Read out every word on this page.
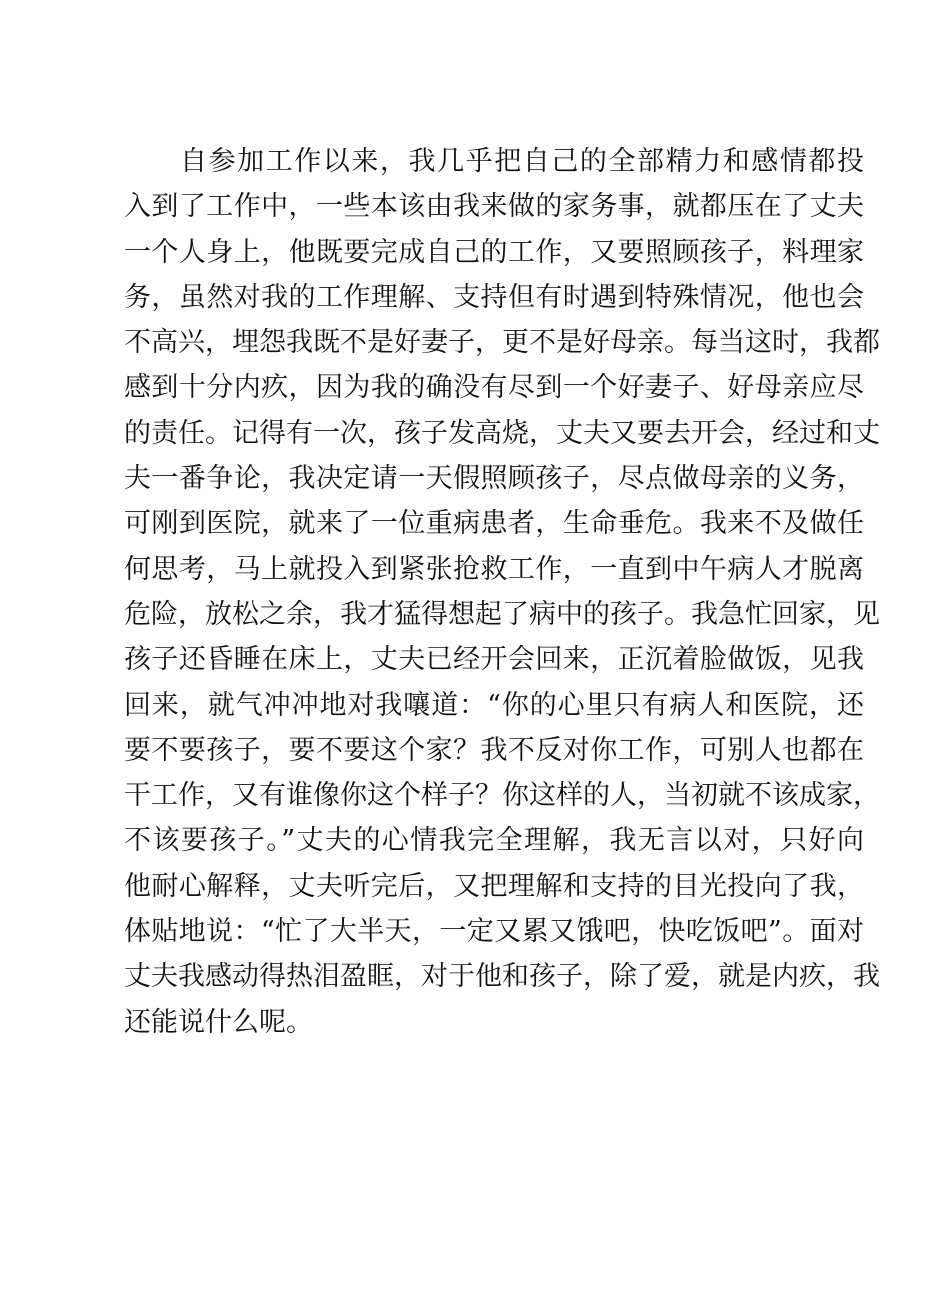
自参加工作以来，我几乎把自己的全部精力和感情都投
入到了工作中，一些本该由我来做的家务事，就都压在了丈夫
一个人身上，他既要完成自己的工作，又要照顾孩子，料理家
务，虽然对我的工作理解、支持但有时遇到特殊情况，他也会
不高兴，埋怨我既不是好妻子，更不是好母亲。每当这时，我都
感到十分内疚，因为我的确没有尽到一个好妻子、好母亲应尽
的责任。记得有一次，孩子发高烧，丈夫又要去开会，经过和丈
夫一番争论，我决定请一天假照顾孩子，尽点做母亲的义务，
可刚到医院，就来了一位重病患者，生命垂危。我来不及做任
何思考，马上就投入到紧张抢救工作，一直到中午病人才脱离
危险，放松之余，我才猛得想起了病中的孩子。我急忙回家，见
孩子还昏睡在床上，丈夫已经开会回来，正沉着脸做饭，见我
回来，就气冲冲地对我嚷道：“你的心里只有病人和医院，还
要不要孩子，要不要这个家？我不反对你工作，可别人也都在
干工作，又有谁像你这个样子？你这样的人，当初就不该成家，
不该要孩子。”丈夫的心情我完全理解，我无言以对，只好向
他耐心解释，丈夫听完后，又把理解和支持的目光投向了我，
体贴地说：“忙了大半天，一定又累又饿吧，快吃饭吧”。面对
丈夫我感动得热泪盈眶，对于他和孩子，除了爱，就是内疚，我
还能说什么呢。
